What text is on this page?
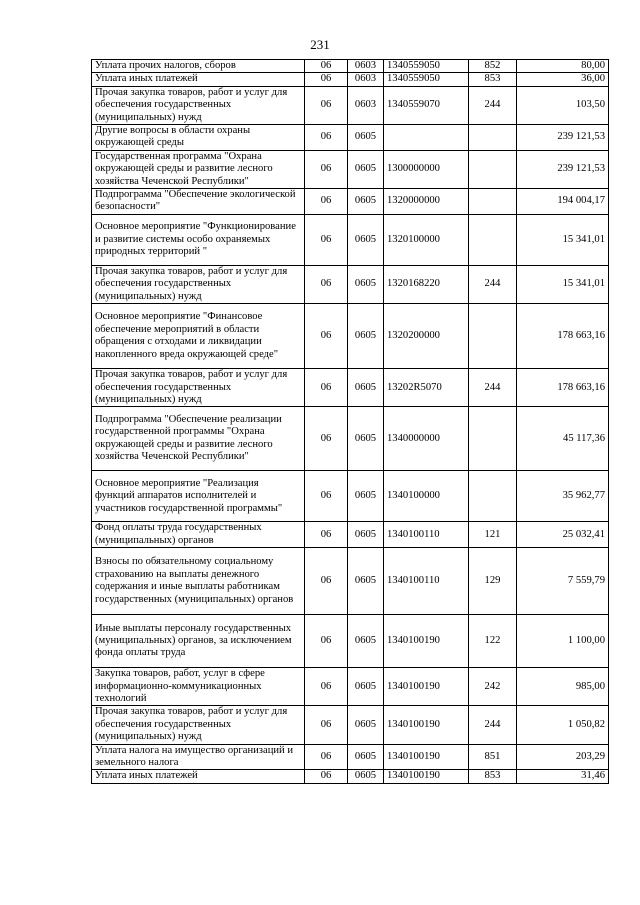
231
Уплата прочих налогов, сборов	06	0603	1340559050	852	80,00
Уплата иных платежей	06	0603	1340559050	853	36,00
Прочая закупка товаров, работ и услуг для обеспечения государственных (муниципальных) нужд	06	0603	1340559070	244	103,50
Другие вопросы в области охраны окружающей среды	06	0605			239 121,53
Государственная программа "Охрана окружающей среды и развитие лесного хозяйства Чеченской Республики"	06	0605	1300000000		239 121,53
Подпрограмма "Обеспечение экологической безопасности"	06	0605	1320000000		194 004,17
Основное мероприятие "Функционирование и развитие системы особо охраняемых природных территорий "	06	0605	1320100000		15 341,01
Прочая закупка товаров, работ и услуг для обеспечения государственных (муниципальных) нужд	06	0605	1320168220	244	15 341,01
Основное мероприятие "Финансовое обеспечение мероприятий в области обращения с отходами и ликвидации накопленного вреда окружающей среде"	06	0605	1320200000		178 663,16
Прочая закупка товаров, работ и услуг для обеспечения государственных (муниципальных) нужд	06	0605	13202R5070	244	178 663,16
Подпрограмма "Обеспечение реализации государственной программы "Охрана окружающей среды и развитие лесного хозяйства Чеченской Республики"	06	0605	1340000000		45 117,36
Основное мероприятие "Реализация функций аппаратов исполнителей и участников государственной программы"	06	0605	1340100000		35 962,77
Фонд оплаты труда государственных (муниципальных) органов	06	0605	1340100110	121	25 032,41
Взносы по обязательному социальному страхованию на выплаты денежного содержания и иные выплаты работникам государственных (муниципальных) органов	06	0605	1340100110	129	7 559,79
Иные выплаты персоналу государственных (муниципальных) органов, за исключением фонда оплаты труда	06	0605	1340100190	122	1 100,00
Закупка товаров, работ, услуг в сфере информационно-коммуникационных технологий	06	0605	1340100190	242	985,00
Прочая закупка товаров, работ и услуг для обеспечения государственных (муниципальных) нужд	06	0605	1340100190	244	1 050,82
Уплата налога на имущество организаций и земельного налога	06	0605	1340100190	851	203,29
Уплата иных платежей	06	0605	1340100190	853	31,46
